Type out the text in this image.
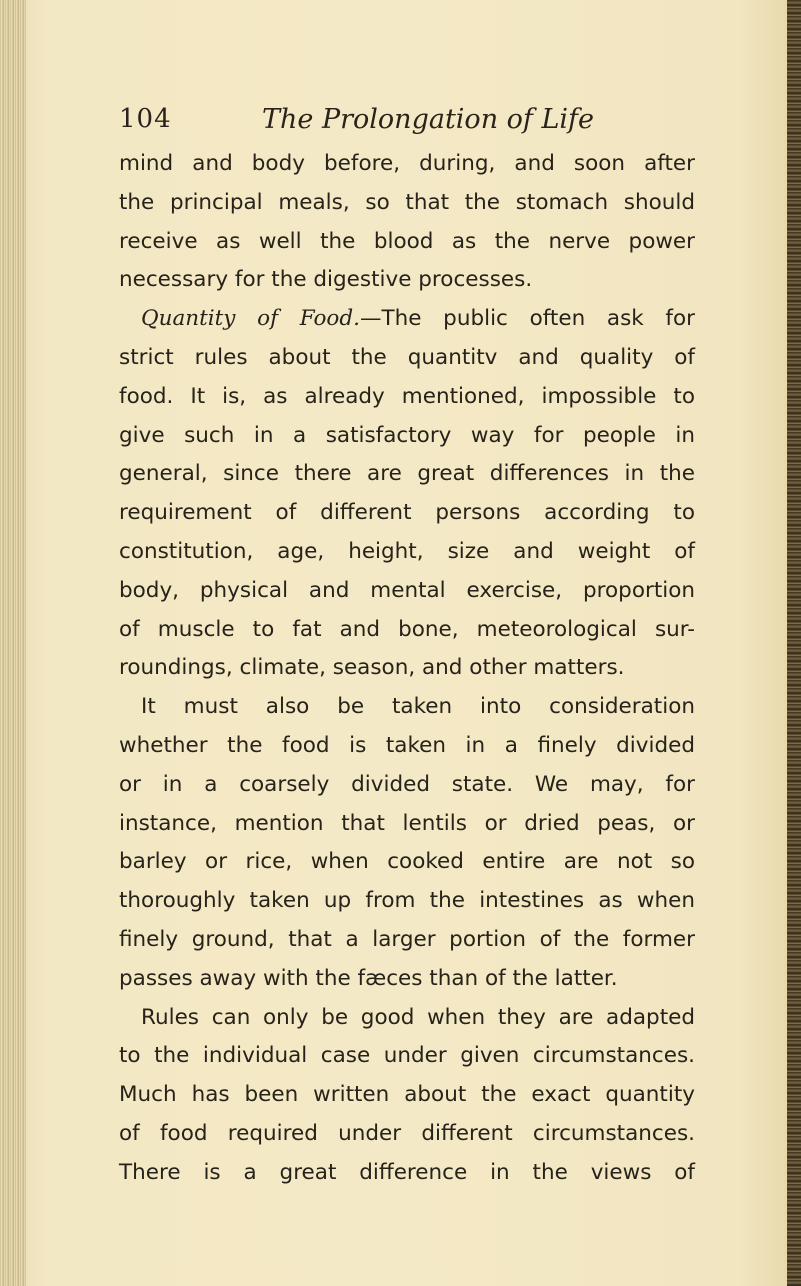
104	The Prolongation of Life
mind and body before, during, and soon after
the principal meals, so that the stomach should
receive as well the blood as the nerve power
necessary for the digestive processes.
Quantity of Food.—The public often ask for
strict rules about the quantitv and quality of
food. It is, as already mentioned, impossible to
give such in a satisfactory way for people in
general, since there are great differences in the
requirement of different persons according to
constitution, age, height, size and weight of
body, physical and mental exercise, proportion
of muscle to fat and bone, meteorological sur-
roundings, climate, season, and other matters.
It must also be taken into consideration
whether the food is taken in a finely divided
or in a coarsely divided state. We may, for
instance, mention that lentils or dried peas, or
barley or rice, when cooked entire are not so
thoroughly taken up from the intestines as when
finely ground, that a larger portion of the former
passes away with the fæces than of the latter.
Rules can only be good when they are adapted
to the individual case under given circumstances.
Much has been written about the exact quantity
of food required under different circumstances.
There is a great difference in the views of
